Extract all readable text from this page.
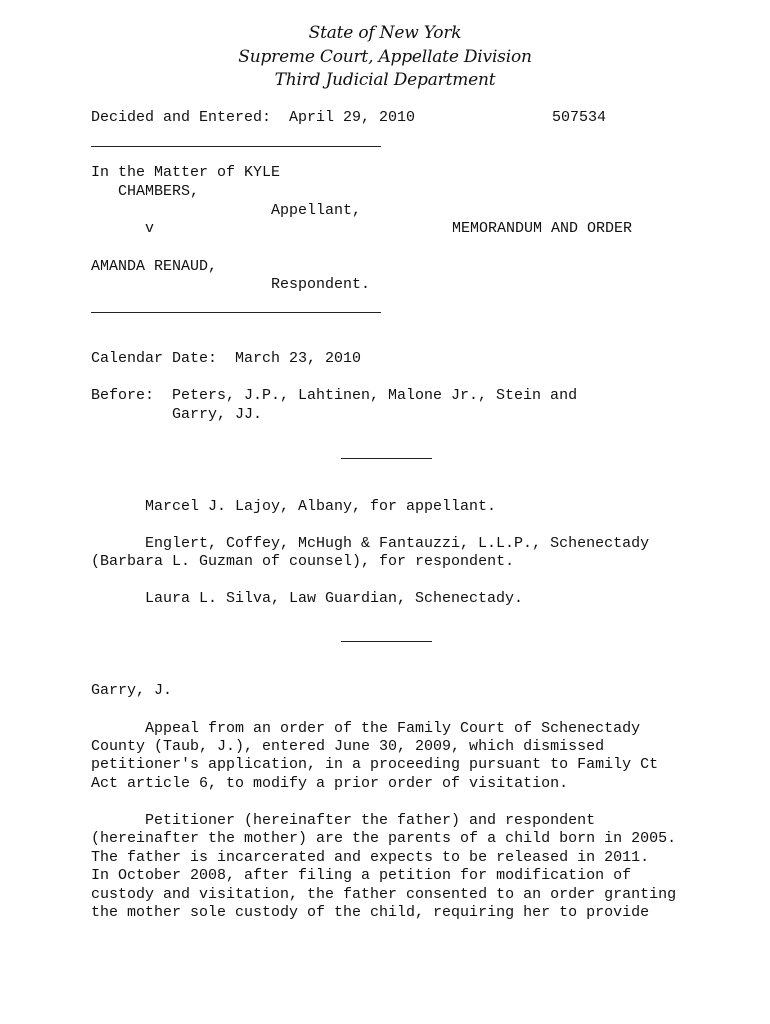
State of New York
Supreme Court, Appellate Division
Third Judicial Department
Decided and Entered: April 29, 2010	507534
In the Matter of KYLE
CHAMBERS,
Appellant,
v	MEMORANDUM AND ORDER
AMANDA RENAUD,
Respondent.
Calendar Date: March 23, 2010
Before: Peters, J.P., Lahtinen, Malone Jr., Stein and
Garry, JJ.
Marcel J. Lajoy, Albany, for appellant.
Englert, Coffey, McHugh & Fantauzzi, L.L.P., Schenectady
(Barbara L. Guzman of counsel), for respondent.
Laura L. Silva, Law Guardian, Schenectady.
Garry, J.
Appeal from an order of the Family Court of Schenectady
County (Taub, J.), entered June 30, 2009, which dismissed
petitioner's application, in a proceeding pursuant to Family Ct
Act article 6, to modify a prior order of visitation.
Petitioner (hereinafter the father) and respondent
(hereinafter the mother) are the parents of a child born in 2005.
The father is incarcerated and expects to be released in 2011.
In October 2008, after filing a petition for modification of
custody and visitation, the father consented to an order granting
the mother sole custody of the child, requiring her to provide
